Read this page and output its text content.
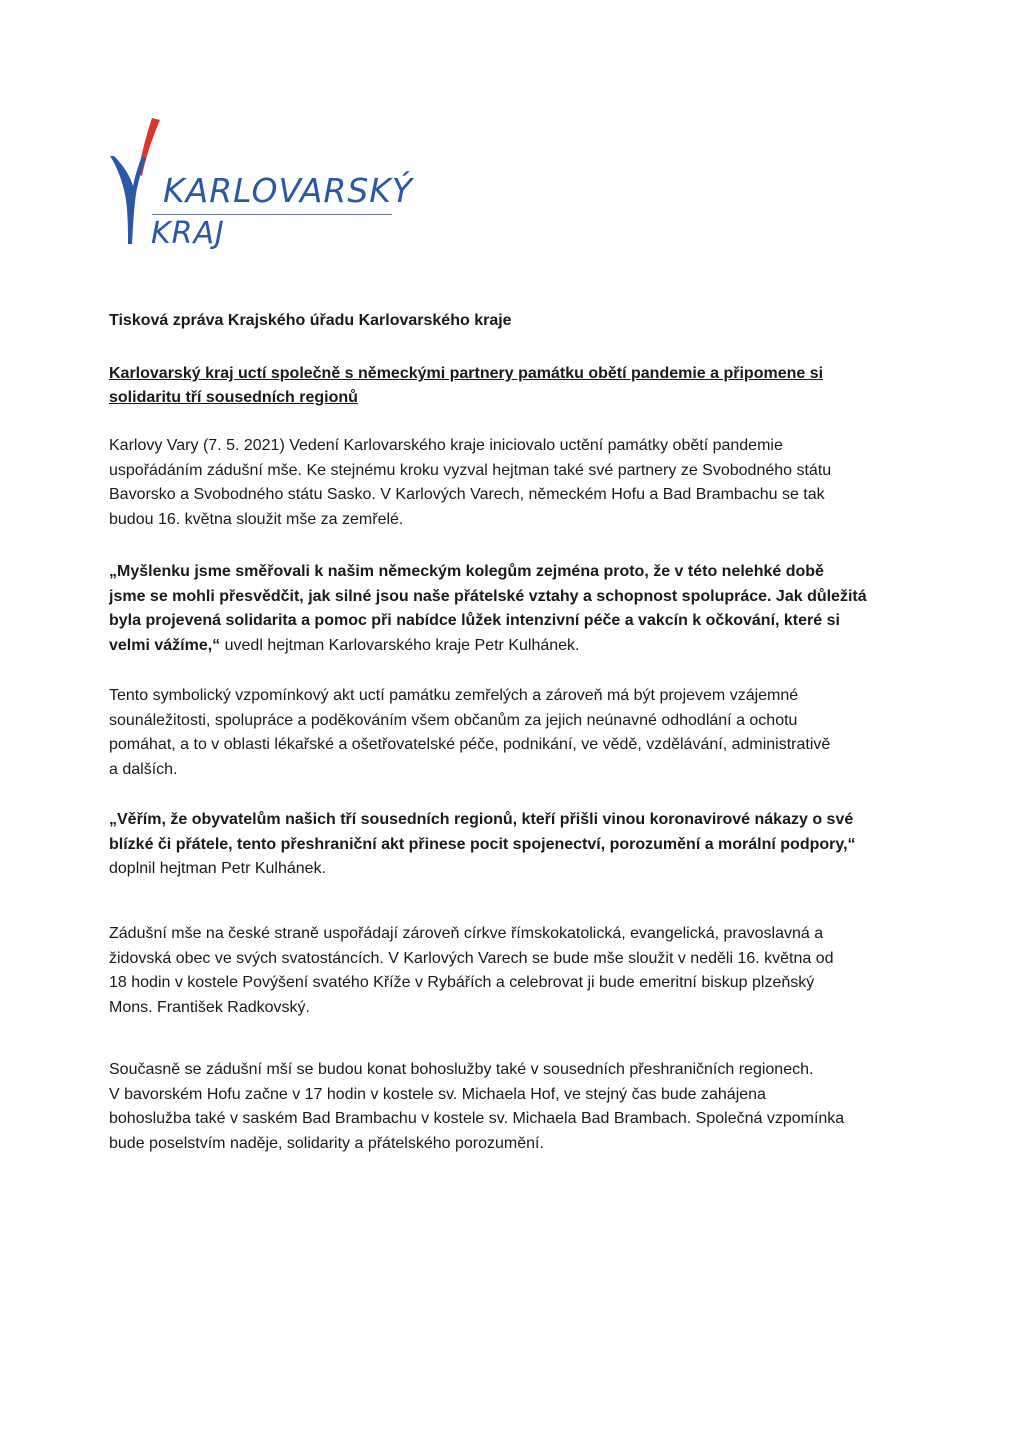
KARLOVARSKÝ
KRAJ
Tisková zpráva Krajského úřadu Karlovarského kraje
Karlovarský kraj uctí společně s německými partnery památku obětí pandemie a připomene si
solidaritu tří sousedních regionů
Karlovy Vary (7. 5. 2021) Vedení Karlovarského kraje iniciovalo uctění památky obětí pandemie
uspořádáním zádušní mše. Ke stejnému kroku vyzval hejtman také své partnery ze Svobodného státu
Bavorsko a Svobodného státu Sasko. V Karlových Varech, německém Hofu a Bad Brambachu se tak
budou 16. května sloužit mše za zemřelé.
„Myšlenku jsme směřovali k našim německým kolegům zejména proto, že v této nelehké době
jsme se mohli přesvědčit, jak silné jsou naše přátelské vztahy a schopnost spolupráce. Jak důležitá
byla projevená solidarita a pomoc při nabídce lůžek intenzivní péče a vakcín k očkování, které si
velmi vážíme,“ uvedl hejtman Karlovarského kraje Petr Kulhánek.
Tento symbolický vzpomínkový akt uctí památku zemřelých a zároveň má být projevem vzájemné
sounáležitosti, spolupráce a poděkováním všem občanům za jejich neúnavné odhodlání a ochotu
pomáhat, a to v oblasti lékařské a ošetřovatelské péče, podnikání, ve vědě, vzdělávání, administrativě
a dalších.
„Věřím, že obyvatelům našich tří sousedních regionů, kteří přišli vinou koronavirové nákazy o své
blízké či přátele, tento přeshraniční akt přinese pocit spojenectví, porozumění a morální podpory,“
doplnil hejtman Petr Kulhánek.
Zádušní mše na české straně uspořádají zároveň církve římskokatolická, evangelická, pravoslavná a
židovská obec ve svých svatostáncích. V Karlových Varech se bude mše sloužit v neděli 16. května od
18 hodin v kostele Povýšení svatého Kříže v Rybářích a celebrovat ji bude emeritní biskup plzeňský
Mons. František Radkovský.
Současně se zádušní mší se budou konat bohoslužby také v sousedních přeshraničních regionech.
V bavorském Hofu začne v 17 hodin v kostele sv. Michaela Hof, ve stejný čas bude zahájena
bohoslužba také v saském Bad Brambachu v kostele sv. Michaela Bad Brambach. Společná vzpomínka
bude poselstvím naděje, solidarity a přátelského porozumění.
